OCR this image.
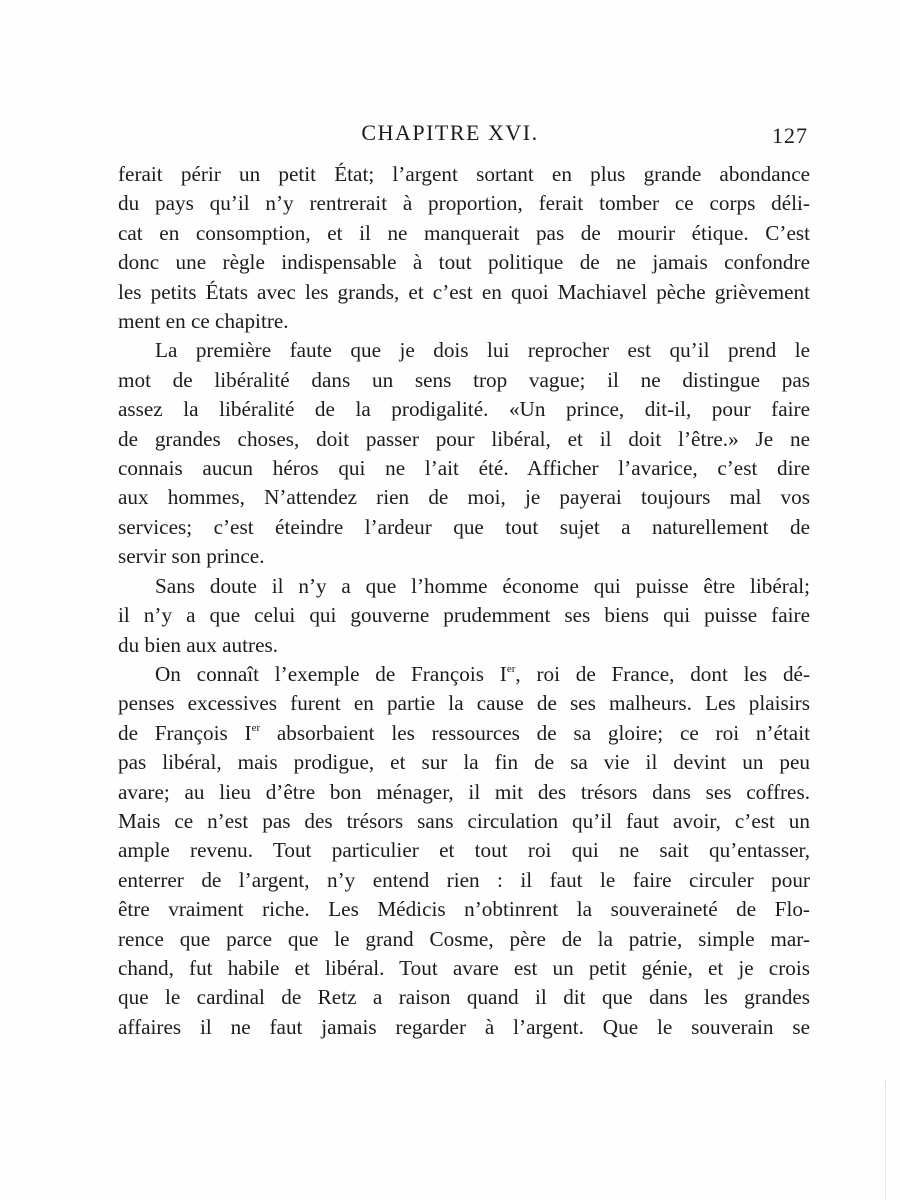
CHAPITRE XVI.	127

ferait périr un petit État; l’argent sortant en plus grande abondance
du pays qu’il n’y rentrerait à proportion, ferait tomber ce corps déli-
cat en consomption, et il ne manquerait pas de mourir étique. C’est
donc une règle indispensable à tout politique de ne jamais confondre
les petits États avec les grands, et c’est en quoi Machiavel pèche grièvement
ment en ce chapitre.

La première faute que je dois lui reprocher est qu’il prend le
mot de libéralité dans un sens trop vague; il ne distingue pas
assez la libéralité de la prodigalité. «Un prince, dit-il, pour faire
de grandes choses, doit passer pour libéral, et il doit l’être.» Je ne
connais aucun héros qui ne l’ait été. Afficher l’avarice, c’est dire
aux hommes, N’attendez rien de moi, je payerai toujours mal vos
services; c’est éteindre l’ardeur que tout sujet a naturellement de
servir son prince.

Sans doute il n’y a que l’homme économe qui puisse être libéral;
il n’y a que celui qui gouverne prudemment ses biens qui puisse faire
du bien aux autres.

On connaît l’exemple de François Ier, roi de France, dont les dé-
penses excessives furent en partie la cause de ses malheurs. Les plaisirs
de François Ier absorbaient les ressources de sa gloire; ce roi n’était
pas libéral, mais prodigue, et sur la fin de sa vie il devint un peu
avare; au lieu d’être bon ménager, il mit des trésors dans ses coffres.
Mais ce n’est pas des trésors sans circulation qu’il faut avoir, c’est un
ample revenu. Tout particulier et tout roi qui ne sait qu’entasser,
enterrer de l’argent, n’y entend rien : il faut le faire circuler pour
être vraiment riche. Les Médicis n’obtinrent la souveraineté de Flo-
rence que parce que le grand Cosme, père de la patrie, simple mar-
chand, fut habile et libéral. Tout avare est un petit génie, et je crois
que le cardinal de Retz a raison quand il dit que dans les grandes
affaires il ne faut jamais regarder à l’argent. Que le souverain se
